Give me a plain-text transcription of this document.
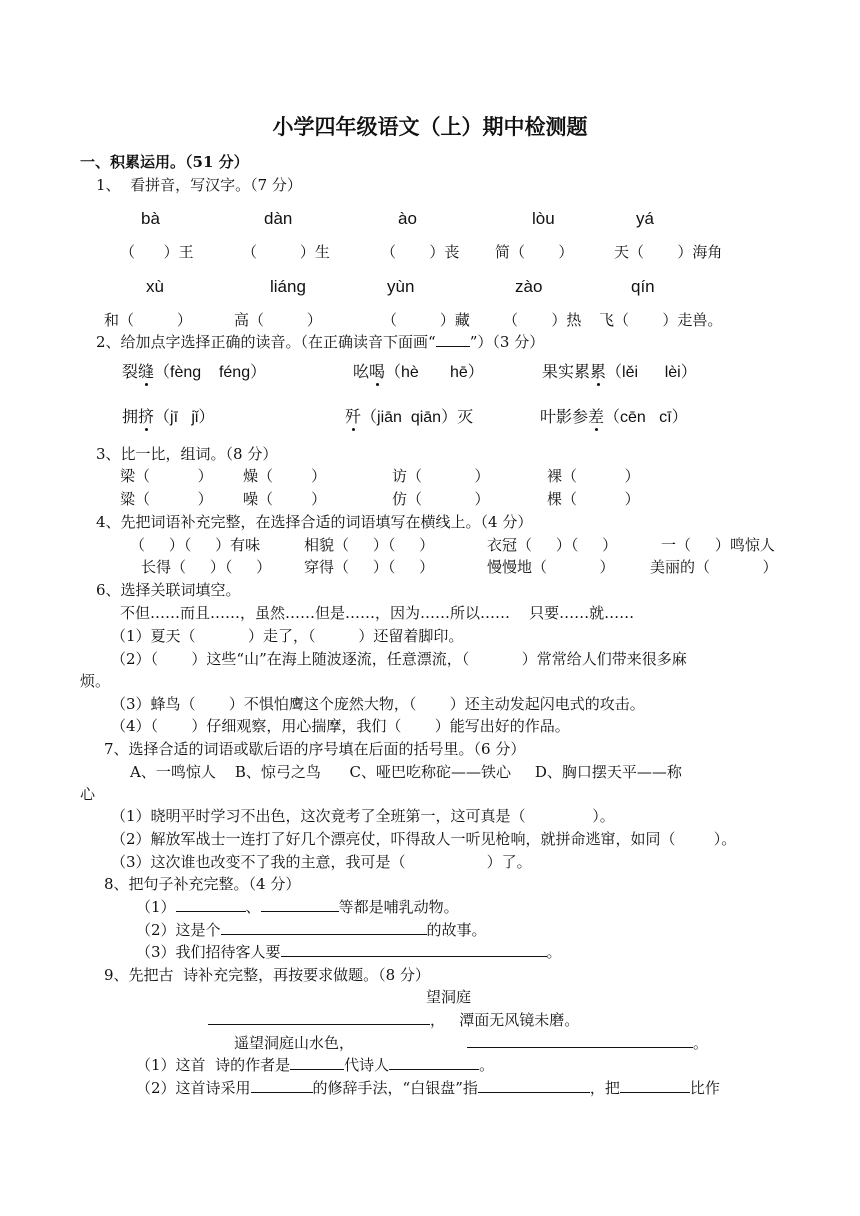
小学四年级语文（上）期中检测题
一、积累运用。（51 分）
1、  看拼音，写汉字。（7 分）
bà	dàn	ào	lòu	yá
（      ）王	（         ）生	（       ）丧 简（       ）	天（       ）海角
xù	liáng	yùn	zào	qín
和（         ）	高（         ）	（         ）藏 （       ）热 飞（       ）走兽。
2、给加点字选择正确的读音。（在正确读音下面画“ ”）（3 分）
裂缝（fèng    féng）	吆喝（hè       hē）	果实累累（lěi      lèi）
拥挤（jī   jǐ）	歼（jiān  qiān）灭	叶影参差（cēn   cī）
3、比一比，组词。（8 分）
梁（          ） 燥（        ）	访（           ）	裸（          ）
粱（          ） 噪（        ）	仿（           ）	棵（          ）
4、先把词语补充完整，在选择合适的词语填写在横线上。（4 分）
（     ）（     ）有味	相貌（     ）（     ）	衣冠（     ）（     ）	一（     ）鸣惊人
长得（     ）（     ） 穿得（     ）（     ）	慢慢地（           ） 美丽的（           ）
6、选择关联词填空。
不但……而且……，虽然……但是……，因为……所以……    只要……就……
（1）夏天（           ）走了，（         ）还留着脚印。
（2）（       ）这些“山”在海上随波逐流，任意漂流，（           ）常常给人们带来很多麻
烦。
（3）蜂鸟（       ）不惧怕鹰这个庞然大物，（       ）还主动发起闪电式的攻击。
（4）（       ）仔细观察，用心揣摩，我们（       ）能写出好的作品。
7、选择合适的词语或歇后语的序号填在后面的括号里。（6 分）
A、一鸣惊人    B、惊弓之鸟      C、哑巴吃称砣——铁心     D、胸口摆天平——称
心
（1）晓明平时学习不出色，这次竟考了全班第一，这可真是（              ）。
（2）解放军战士一连打了好几个漂亮仗，吓得敌人一听见枪响，就拼命逃窜，如同（        ）。
（3）这次谁也改变不了我的主意，我可是（                 ）了。
8、把句子补充完整。（4 分）
（1）	、	等都是哺乳动物。
（2）这是个	的故事。
（3）我们招待客人要	。
9、先把古  诗补充完整，再按要求做题。（8 分）
望洞庭
，   潭面无风镜未磨。
遥望洞庭山水色，	。
（1）这首  诗的作者是	代诗人	。
（2）这首诗采用	的修辞手法，“白银盘”指	，把	比作
